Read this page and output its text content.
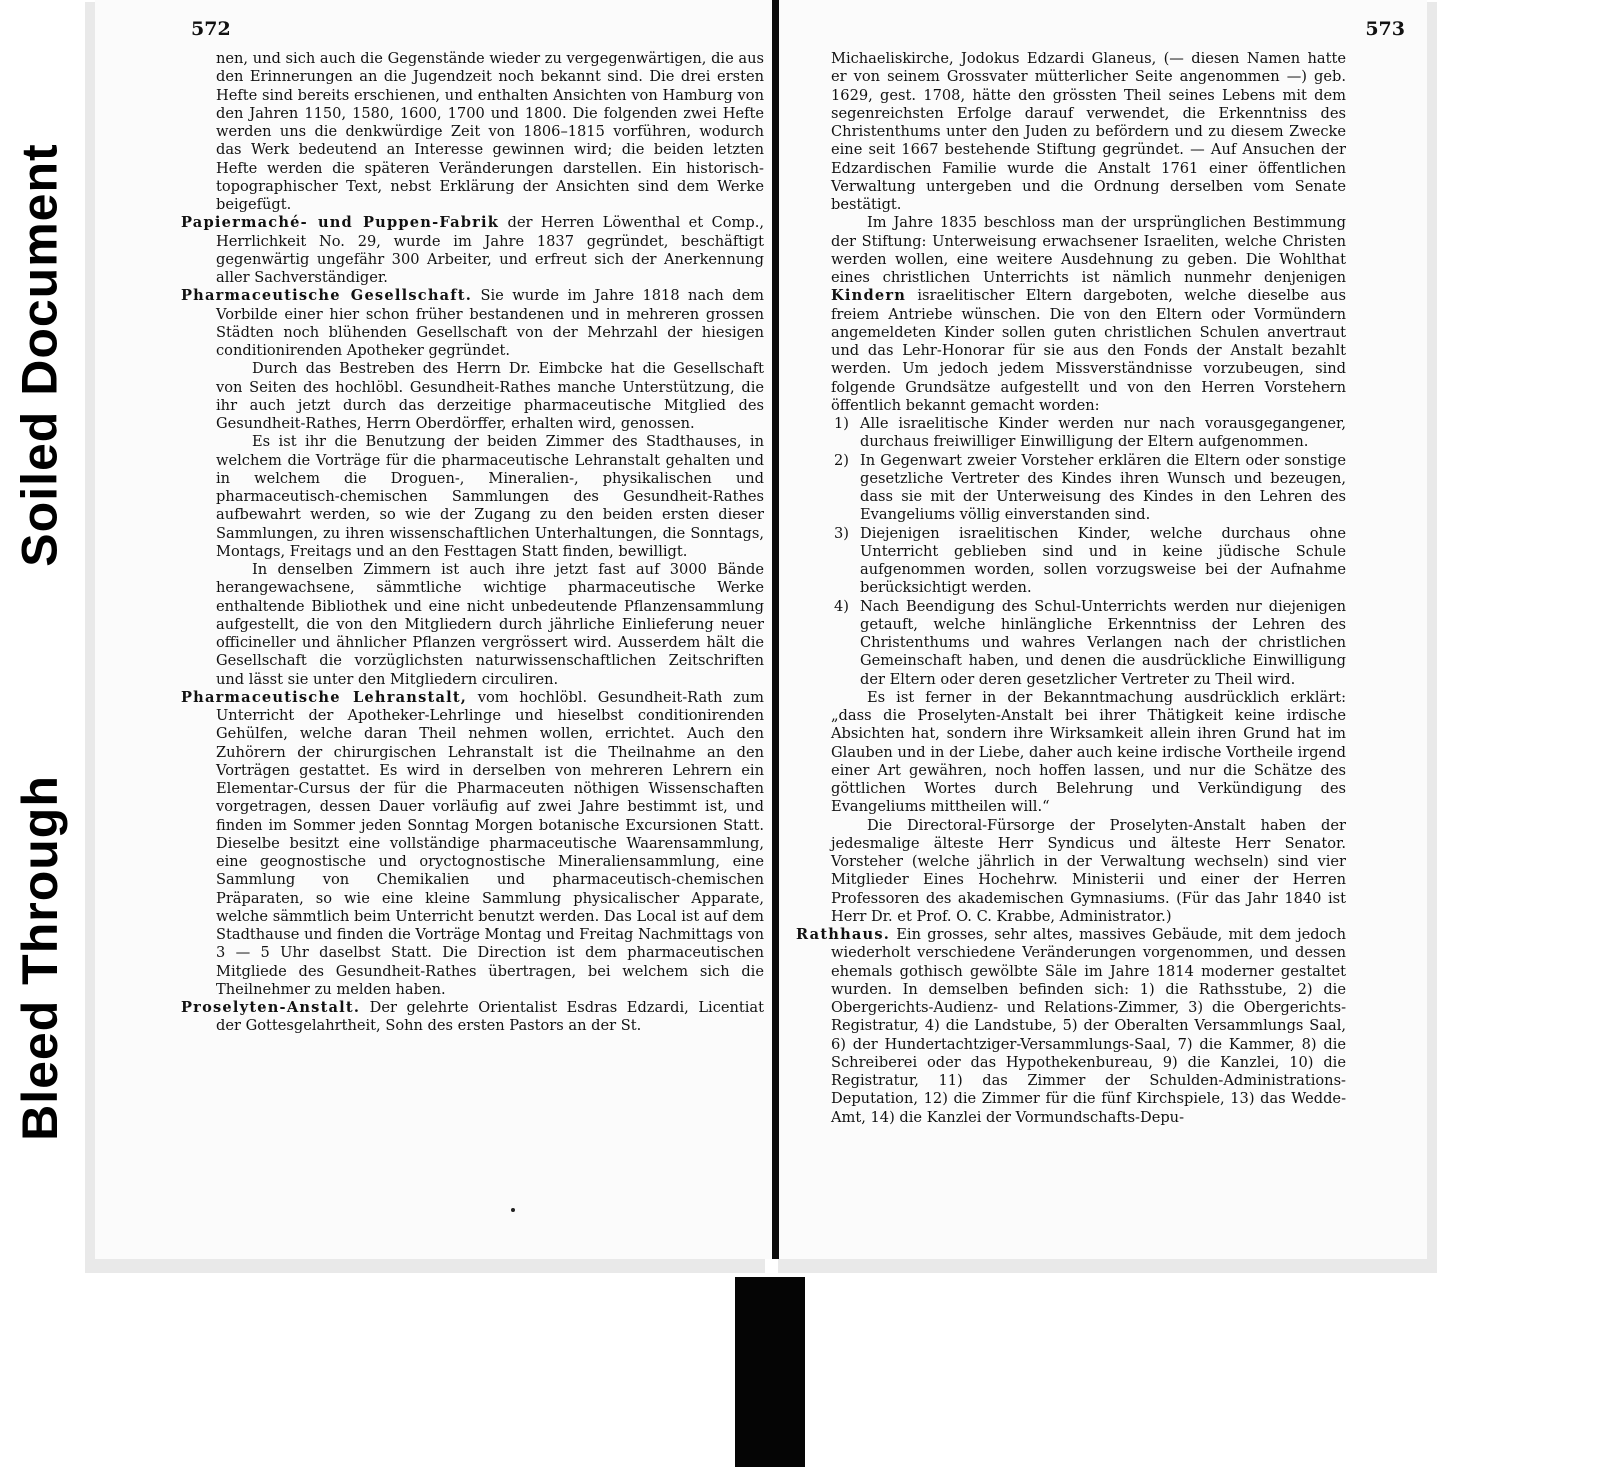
Soiled Document
Bleed Through
572
nen, und sich auch die Gegenstände wieder zu vergegenwärtigen, die aus den Erinnerungen an die Jugendzeit noch bekannt sind. Die drei ersten Hefte sind bereits erschienen, und enthalten Ansichten von Hamburg von den Jahren 1150, 1580, 1600, 1700 und 1800. Die folgenden zwei Hefte werden uns die denkwürdige Zeit von 1806–1815 vorführen, wodurch das Werk bedeutend an Interesse gewinnen wird; die beiden letzten Hefte werden die späteren Veränderungen darstellen. Ein historisch-topographischer Text, nebst Erklärung der Ansichten sind dem Werke beigefügt.
Papiermaché- und Puppen-Fabrik der Herren Löwenthal et Comp., Herrlichkeit No. 29, wurde im Jahre 1837 gegründet, beschäftigt gegenwärtig ungefähr 300 Arbeiter, und erfreut sich der Anerkennung aller Sachverständiger.
Pharmaceutische Gesellschaft. Sie wurde im Jahre 1818 nach dem Vorbilde einer hier schon früher bestandenen und in mehreren grossen Städten noch blühenden Gesellschaft von der Mehrzahl der hiesigen conditionirenden Apotheker gegründet.
Durch das Bestreben des Herrn Dr. Eimbcke hat die Gesellschaft von Seiten des hochlöbl. Gesundheit-Rathes manche Unterstützung, die ihr auch jetzt durch das derzeitige pharmaceutische Mitglied des Gesundheit-Rathes, Herrn Oberdörffer, erhalten wird, genossen.
Es ist ihr die Benutzung der beiden Zimmer des Stadthauses, in welchem die Vorträge für die pharmaceutische Lehranstalt gehalten und in welchem die Droguen-, Mineralien-, physikalischen und pharmaceutisch-chemischen Sammlungen des Gesundheit-Rathes aufbewahrt werden, so wie der Zugang zu den beiden ersten dieser Sammlungen, zu ihren wissenschaftlichen Unterhaltungen, die Sonntags, Montags, Freitags und an den Festtagen Statt finden, bewilligt.
In denselben Zimmern ist auch ihre jetzt fast auf 3000 Bände herangewachsene, sämmtliche wichtige pharmaceutische Werke enthaltende Bibliothek und eine nicht unbedeutende Pflanzensammlung aufgestellt, die von den Mitgliedern durch jährliche Einlieferung neuer officineller und ähnlicher Pflanzen vergrössert wird. Ausserdem hält die Gesellschaft die vorzüglichsten naturwissenschaftlichen Zeitschriften und lässt sie unter den Mitgliedern circuliren.
Pharmaceutische Lehranstalt, vom hochlöbl. Gesundheit-Rath zum Unterricht der Apotheker-Lehrlinge und hieselbst conditionirenden Gehülfen, welche daran Theil nehmen wollen, errichtet. Auch den Zuhörern der chirurgischen Lehranstalt ist die Theilnahme an den Vorträgen gestattet. Es wird in derselben von mehreren Lehrern ein Elementar-Cursus der für die Pharmaceuten nöthigen Wissenschaften vorgetragen, dessen Dauer vorläufig auf zwei Jahre bestimmt ist, und finden im Sommer jeden Sonntag Morgen botanische Excursionen Statt. Dieselbe besitzt eine vollständige pharmaceutische Waarensammlung, eine geognostische und oryctognostische Mineraliensammlung, eine Sammlung von Chemikalien und pharmaceutisch-chemischen Präparaten, so wie eine kleine Sammlung physicalischer Apparate, welche sämmtlich beim Unterricht benutzt werden. Das Local ist auf dem Stadthause und finden die Vorträge Montag und Freitag Nachmittags von 3 — 5 Uhr daselbst Statt. Die Direction ist dem pharmaceutischen Mitgliede des Gesundheit-Rathes übertragen, bei welchem sich die Theilnehmer zu melden haben.
Proselyten-Anstalt. Der gelehrte Orientalist Esdras Edzardi, Licentiat der Gottesgelahrtheit, Sohn des ersten Pastors an der St.
573
Michaeliskirche, Jodokus Edzardi Glaneus, (— diesen Namen hatte er von seinem Grossvater mütterlicher Seite angenommen —) geb. 1629, gest. 1708, hätte den grössten Theil seines Lebens mit dem segenreichsten Erfolge darauf verwendet, die Erkenntniss des Christenthums unter den Juden zu befördern und zu diesem Zwecke eine seit 1667 bestehende Stiftung gegründet. — Auf Ansuchen der Edzardischen Familie wurde die Anstalt 1761 einer öffentlichen Verwaltung untergeben und die Ordnung derselben vom Senate bestätigt.
Im Jahre 1835 beschloss man der ursprünglichen Bestimmung der Stiftung: Unterweisung erwachsener Israeliten, welche Christen werden wollen, eine weitere Ausdehnung zu geben. Die Wohlthat eines christlichen Unterrichts ist nämlich nunmehr denjenigen Kindern israelitischer Eltern dargeboten, welche dieselbe aus freiem Antriebe wünschen. Die von den Eltern oder Vormündern angemeldeten Kinder sollen guten christlichen Schulen anvertraut und das Lehr-Honorar für sie aus den Fonds der Anstalt bezahlt werden. Um jedoch jedem Missverständnisse vorzubeugen, sind folgende Grundsätze aufgestellt und von den Herren Vorstehern öffentlich bekannt gemacht worden:
1) Alle israelitische Kinder werden nur nach vorausgegangener, durchaus freiwilliger Einwilligung der Eltern aufgenommen.
2) In Gegenwart zweier Vorsteher erklären die Eltern oder sonstige gesetzliche Vertreter des Kindes ihren Wunsch und bezeugen, dass sie mit der Unterweisung des Kindes in den Lehren des Evangeliums völlig einverstanden sind.
3) Diejenigen israelitischen Kinder, welche durchaus ohne Unterricht geblieben sind und in keine jüdische Schule aufgenommen worden, sollen vorzugsweise bei der Aufnahme berücksichtigt werden.
4) Nach Beendigung des Schul-Unterrichts werden nur diejenigen getauft, welche hinlängliche Erkenntniss der Lehren des Christenthums und wahres Verlangen nach der christlichen Gemeinschaft haben, und denen die ausdrückliche Einwilligung der Eltern oder deren gesetzlicher Vertreter zu Theil wird.
Es ist ferner in der Bekanntmachung ausdrücklich erklärt: „dass die Proselyten-Anstalt bei ihrer Thätigkeit keine irdische Absichten hat, sondern ihre Wirksamkeit allein ihren Grund hat im Glauben und in der Liebe, daher auch keine irdische Vortheile irgend einer Art gewähren, noch hoffen lassen, und nur die Schätze des göttlichen Wortes durch Belehrung und Verkündigung des Evangeliums mittheilen will.“
Die Directoral-Fürsorge der Proselyten-Anstalt haben der jedesmalige älteste Herr Syndicus und älteste Herr Senator. Vorsteher (welche jährlich in der Verwaltung wechseln) sind vier Mitglieder Eines Hochehrw. Ministerii und einer der Herren Professoren des akademischen Gymnasiums. (Für das Jahr 1840 ist Herr Dr. et Prof. O. C. Krabbe, Administrator.)
Rathhaus. Ein grosses, sehr altes, massives Gebäude, mit dem jedoch wiederholt verschiedene Veränderungen vorgenommen, und dessen ehemals gothisch gewölbte Säle im Jahre 1814 moderner gestaltet wurden. In demselben befinden sich: 1) die Rathsstube, 2) die Obergerichts-Audienz- und Relations-Zimmer, 3) die Obergerichts-Registratur, 4) die Landstube, 5) der Oberalten Versammlungs Saal, 6) der Hundertachtziger-Versammlungs-Saal, 7) die Kammer, 8) die Schreiberei oder das Hypothekenbureau, 9) die Kanzlei, 10) die Registratur, 11) das Zimmer der Schulden-Administrations-Deputation, 12) die Zimmer für die fünf Kirchspiele, 13) das Wedde-Amt, 14) die Kanzlei der Vormundschafts-Depu-
